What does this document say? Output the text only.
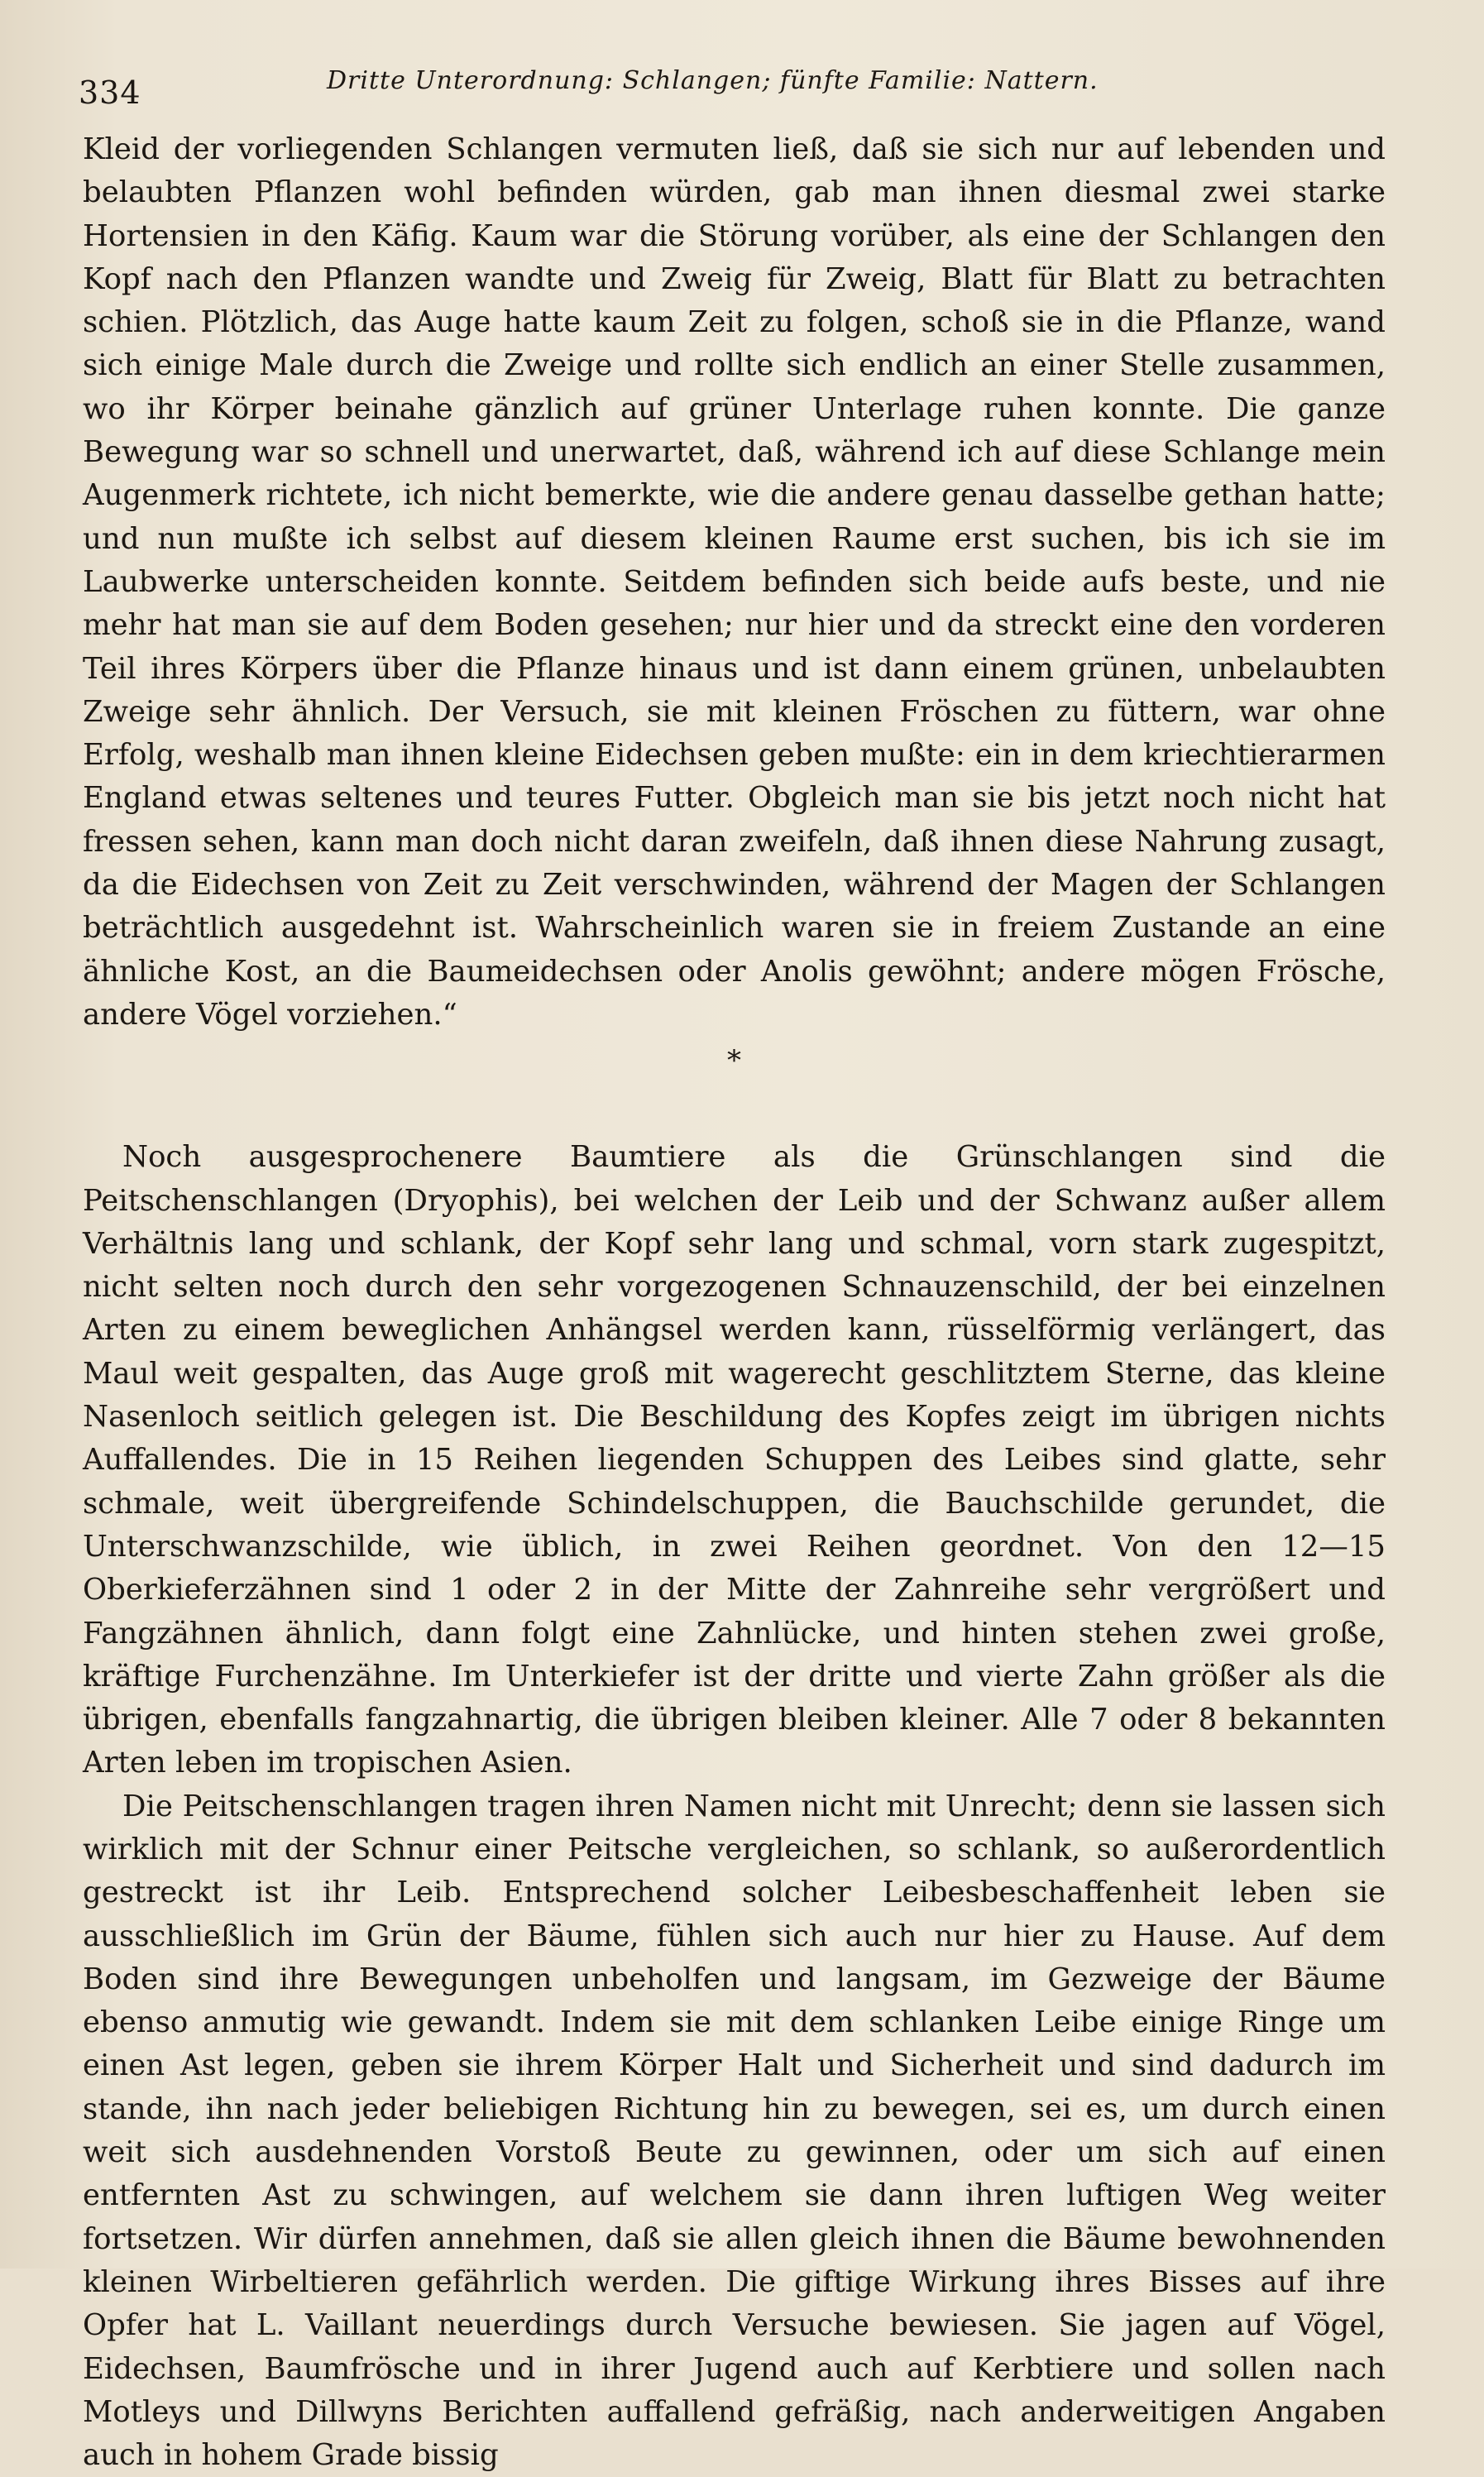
334	Dritte Unterordnung: Schlangen; fünfte Familie: Nattern.

Kleid der vorliegenden Schlangen vermuten ließ, daß sie sich nur auf lebenden und belaubten Pflanzen wohl befinden würden, gab man ihnen diesmal zwei starke Hortensien in den Käfig. Kaum war die Störung vorüber, als eine der Schlangen den Kopf nach den Pflanzen wandte und Zweig für Zweig, Blatt für Blatt zu betrachten schien. Plötzlich, das Auge hatte kaum Zeit zu folgen, schoß sie in die Pflanze, wand sich einige Male durch die Zweige und rollte sich endlich an einer Stelle zusammen, wo ihr Körper beinahe gänzlich auf grüner Unterlage ruhen konnte. Die ganze Bewegung war so schnell und unerwartet, daß, während ich auf diese Schlange mein Augenmerk richtete, ich nicht bemerkte, wie die andere genau dasselbe gethan hatte; und nun mußte ich selbst auf diesem kleinen Raume erst suchen, bis ich sie im Laubwerke unterscheiden konnte. Seitdem befinden sich beide aufs beste, und nie mehr hat man sie auf dem Boden gesehen; nur hier und da streckt eine den vorderen Teil ihres Körpers über die Pflanze hinaus und ist dann einem grünen, unbelaubten Zweige sehr ähnlich. Der Versuch, sie mit kleinen Fröschen zu füttern, war ohne Erfolg, weshalb man ihnen kleine Eidechsen geben mußte: ein in dem kriechtierarmen England etwas seltenes und teures Futter. Obgleich man sie bis jetzt noch nicht hat fressen sehen, kann man doch nicht daran zweifeln, daß ihnen diese Nahrung zusagt, da die Eidechsen von Zeit zu Zeit verschwinden, während der Magen der Schlangen beträchtlich ausgedehnt ist. Wahrscheinlich waren sie in freiem Zustande an eine ähnliche Kost, an die Baumeidechsen oder Anolis gewöhnt; andere mögen Frösche, andere Vögel vorziehen.“

*

Noch ausgesprochenere Baumtiere als die Grünschlangen sind die Peitschenschlangen (Dryophis), bei welchen der Leib und der Schwanz außer allem Verhältnis lang und schlank, der Kopf sehr lang und schmal, vorn stark zugespitzt, nicht selten noch durch den sehr vorgezogenen Schnauzenschild, der bei einzelnen Arten zu einem beweglichen Anhängsel werden kann, rüsselförmig verlängert, das Maul weit gespalten, das Auge groß mit wagerecht geschlitztem Sterne, das kleine Nasenloch seitlich gelegen ist. Die Beschildung des Kopfes zeigt im übrigen nichts Auffallendes. Die in 15 Reihen liegenden Schuppen des Leibes sind glatte, sehr schmale, weit übergreifende Schindelschuppen, die Bauchschilde gerundet, die Unterschwanzschilde, wie üblich, in zwei Reihen geordnet. Von den 12—15 Oberkieferzähnen sind 1 oder 2 in der Mitte der Zahnreihe sehr vergrößert und Fangzähnen ähnlich, dann folgt eine Zahnlücke, und hinten stehen zwei große, kräftige Furchenzähne. Im Unterkiefer ist der dritte und vierte Zahn größer als die übrigen, ebenfalls fangzahnartig, die übrigen bleiben kleiner. Alle 7 oder 8 bekannten Arten leben im tropischen Asien.

Die Peitschenschlangen tragen ihren Namen nicht mit Unrecht; denn sie lassen sich wirklich mit der Schnur einer Peitsche vergleichen, so schlank, so außerordentlich gestreckt ist ihr Leib. Entsprechend solcher Leibesbeschaffenheit leben sie ausschließlich im Grün der Bäume, fühlen sich auch nur hier zu Hause. Auf dem Boden sind ihre Bewegungen unbeholfen und langsam, im Gezweige der Bäume ebenso anmutig wie gewandt. Indem sie mit dem schlanken Leibe einige Ringe um einen Ast legen, geben sie ihrem Körper Halt und Sicherheit und sind dadurch im stande, ihn nach jeder beliebigen Richtung hin zu bewegen, sei es, um durch einen weit sich ausdehnenden Vorstoß Beute zu gewinnen, oder um sich auf einen entfernten Ast zu schwingen, auf welchem sie dann ihren luftigen Weg weiter fortsetzen. Wir dürfen annehmen, daß sie allen gleich ihnen die Bäume bewohnenden kleinen Wirbeltieren gefährlich werden. Die giftige Wirkung ihres Bisses auf ihre Opfer hat L. Vaillant neuerdings durch Versuche bewiesen. Sie jagen auf Vögel, Eidechsen, Baumfrösche und in ihrer Jugend auch auf Kerbtiere und sollen nach Motleys und Dillwyns Berichten auffallend gefräßig, nach anderweitigen Angaben auch in hohem Grade bissig
